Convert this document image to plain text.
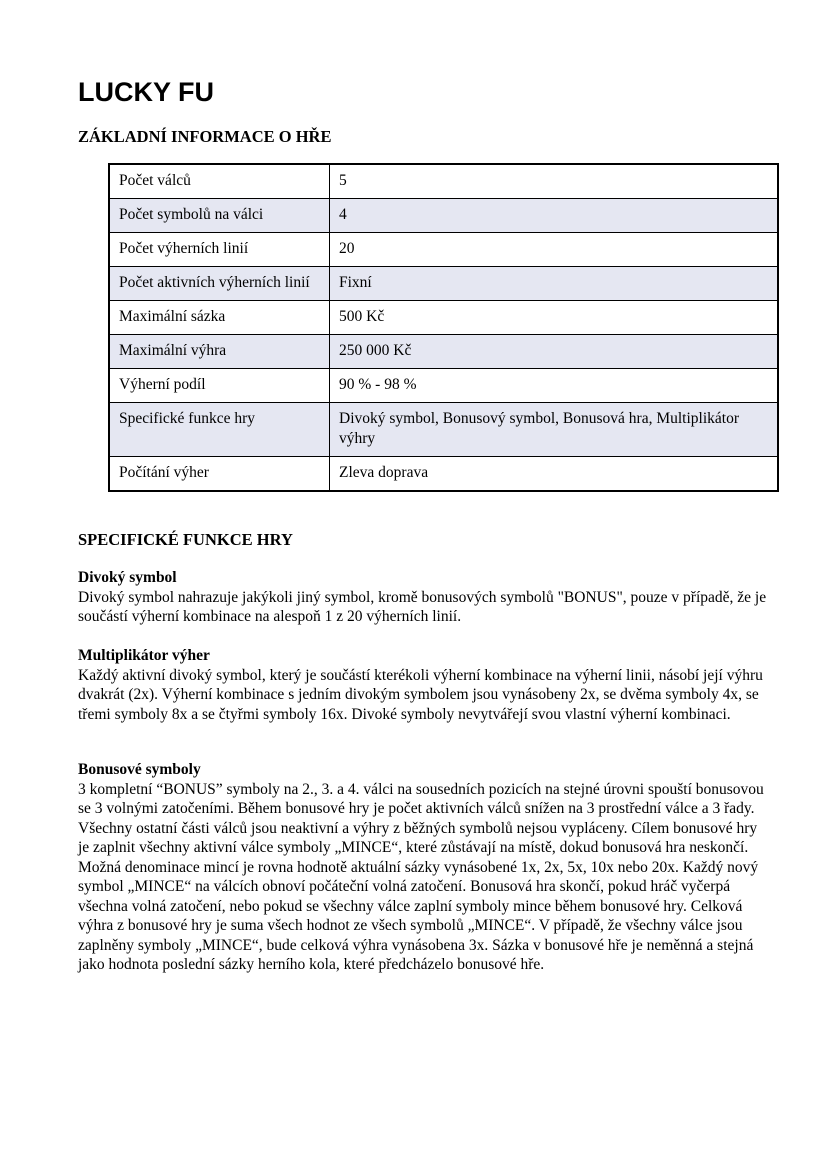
LUCKY FU
ZÁKLADNÍ INFORMACE O HŘE
Počet válců	5
Počet symbolů na válci	4
Počet výherních linií	20
Počet aktivních výherních linií	Fixní
Maximální sázka	500 Kč
Maximální výhra	250 000 Kč
Výherní podíl	90 % - 98 %
Specifické funkce hry	Divoký symbol, Bonusový symbol, Bonusová hra, Multiplikátor výhry
Počítání výher	Zleva doprava
SPECIFICKÉ FUNKCE HRY
Divoký symbol
Divoký symbol nahrazuje jakýkoli jiný symbol, kromě bonusových symbolů "BONUS", pouze v případě, že je součástí výherní kombinace na alespoň 1 z 20 výherních linií.
Multiplikátor výher
Každý aktivní divoký symbol, který je součástí kterékoli výherní kombinace na výherní linii, násobí její výhru dvakrát (2x). Výherní kombinace s jedním divokým symbolem jsou vynásobeny 2x, se dvěma symboly 4x, se třemi symboly 8x a se čtyřmi symboly 16x. Divoké symboly nevytvářejí svou vlastní výherní kombinaci.
Bonusové symboly
3 kompletní “BONUS” symboly na 2., 3. a 4. válci na sousedních pozicích na stejné úrovni spouští bonusovou se 3 volnými zatočeními. Během bonusové hry je počet aktivních válců snížen na 3 prostřední válce a 3 řady. Všechny ostatní části válců jsou neaktivní a výhry z běžných symbolů nejsou vypláceny. Cílem bonusové hry je zaplnit všechny aktivní válce symboly „MINCE“, které zůstávají na místě, dokud bonusová hra neskončí. Možná denominace mincí je rovna hodnotě aktuální sázky vynásobené 1x, 2x, 5x, 10x nebo 20x. Každý nový symbol „MINCE“ na válcích obnoví počáteční volná zatočení. Bonusová hra skončí, pokud hráč vyčerpá všechna volná zatočení, nebo pokud se všechny válce zaplní symboly mince během bonusové hry. Celková výhra z bonusové hry je suma všech hodnot ze všech symbolů „MINCE“. V případě, že všechny válce jsou zaplněny symboly „MINCE“, bude celková výhra vynásobena 3x. Sázka v bonusové hře je neměnná a stejná jako hodnota poslední sázky herního kola, které předcházelo bonusové hře.
